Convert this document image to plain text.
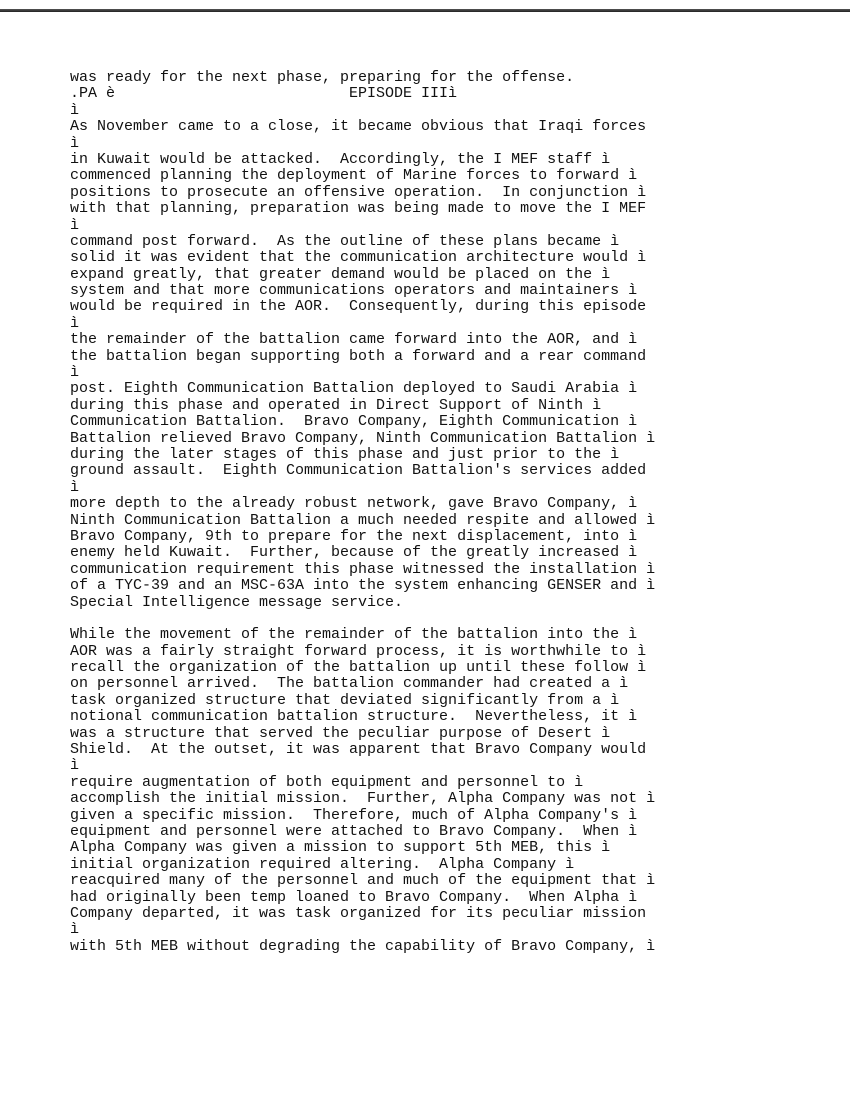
was ready for the next phase, preparing for the offense.
.PA è                          EPISODE IIIì
ì
As November came to a close, it became obvious that Iraqi forces
ì
in Kuwait would be attacked.  Accordingly, the I MEF staff ì
commenced planning the deployment of Marine forces to forward ì
positions to prosecute an offensive operation.  In conjunction ì
with that planning, preparation was being made to move the I MEF
ì
command post forward.  As the outline of these plans became ì
solid it was evident that the communication architecture would ì
expand greatly, that greater demand would be placed on the ì
system and that more communications operators and maintainers ì
would be required in the AOR.  Consequently, during this episode
ì
the remainder of the battalion came forward into the AOR, and ì
the battalion began supporting both a forward and a rear command
ì
post. Eighth Communication Battalion deployed to Saudi Arabia ì
during this phase and operated in Direct Support of Ninth ì
Communication Battalion.  Bravo Company, Eighth Communication ì
Battalion relieved Bravo Company, Ninth Communication Battalion ì
during the later stages of this phase and just prior to the ì
ground assault.  Eighth Communication Battalion's services added
ì
more depth to the already robust network, gave Bravo Company, ì
Ninth Communication Battalion a much needed respite and allowed ì
Bravo Company, 9th to prepare for the next displacement, into ì
enemy held Kuwait.  Further, because of the greatly increased ì
communication requirement this phase witnessed the installation ì
of a TYC-39 and an MSC-63A into the system enhancing GENSER and ì
Special Intelligence message service.
While the movement of the remainder of the battalion into the ì
AOR was a fairly straight forward process, it is worthwhile to ì
recall the organization of the battalion up until these follow ì
on personnel arrived.  The battalion commander had created a ì
task organized structure that deviated significantly from a ì
notional communication battalion structure.  Nevertheless, it ì
was a structure that served the peculiar purpose of Desert ì
Shield.  At the outset, it was apparent that Bravo Company would
ì
require augmentation of both equipment and personnel to ì
accomplish the initial mission.  Further, Alpha Company was not ì
given a specific mission.  Therefore, much of Alpha Company's ì
equipment and personnel were attached to Bravo Company.  When ì
Alpha Company was given a mission to support 5th MEB, this ì
initial organization required altering.  Alpha Company ì
reacquired many of the personnel and much of the equipment that ì
had originally been temp loaned to Bravo Company.  When Alpha ì
Company departed, it was task organized for its peculiar mission
ì
with 5th MEB without degrading the capability of Bravo Company, ì
